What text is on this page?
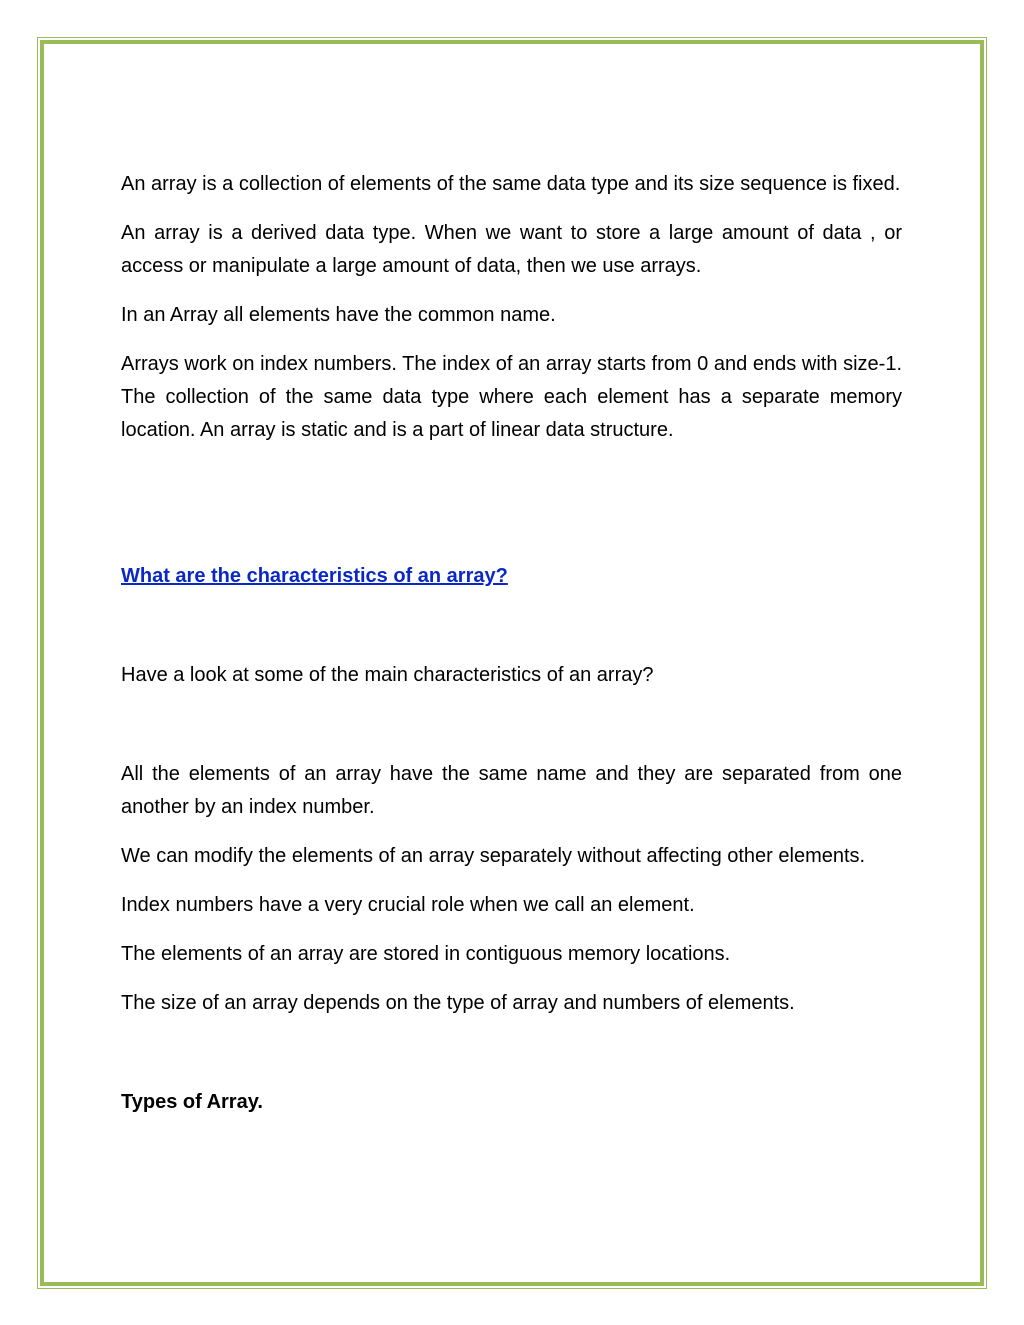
An array is a collection of elements of the same data type and its size sequence is fixed.

An array is a derived data type. When we want to store a large amount of data , or access or manipulate a large amount of data, then we use arrays.

In an Array all elements have the common name.

Arrays work on index numbers. The index of an array starts from 0 and ends with size-1. The collection of the same data type where each element has a separate memory location. An array is static and is a part of linear data structure.

What are the characteristics of an array?

Have a look at some of the main characteristics of an array?

All the elements of an array have the same name and they are separated from one another by an index number.

We can modify the elements of an array separately without affecting other elements.

Index numbers have a very crucial role when we call an element.

The elements of an array are stored in contiguous memory locations.

The size of an array depends on the type of array and numbers of elements.

Types of Array.
